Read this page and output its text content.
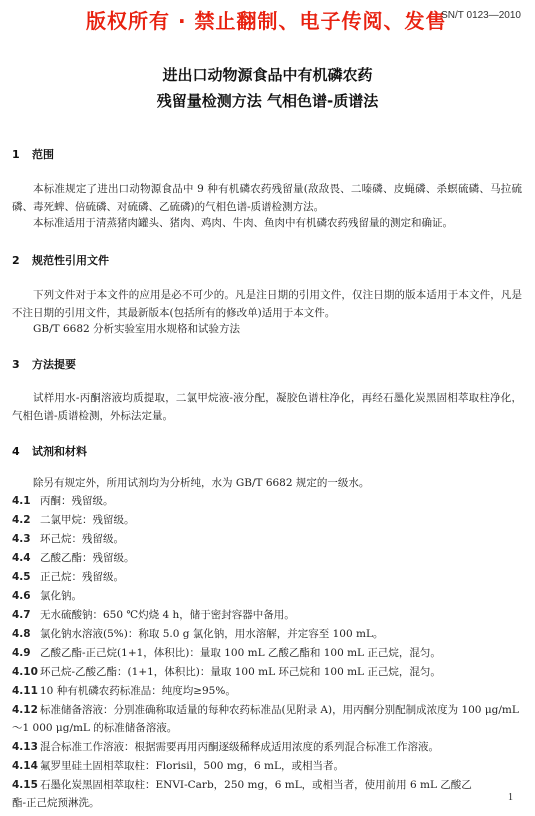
版权所有 · 禁止翻制、电子传阅、发售
SN/T 0123—2010
进出口动物源食品中有机磷农药
残留量检测方法 气相色谱-质谱法
1 范围
本标准规定了进出口动物源食品中 9 种有机磷农药残留量(敌敌畏、二嗪磷、皮蝇磷、杀螟硫磷、马拉硫磷、毒死蜱、倍硫磷、对硫磷、乙硫磷)的气相色谱-质谱检测方法。
本标准适用于清蒸猪肉罐头、猪肉、鸡肉、牛肉、鱼肉中有机磷农药残留量的测定和确证。
2 规范性引用文件
下列文件对于本文件的应用是必不可少的。凡是注日期的引用文件，仅注日期的版本适用于本文件，凡是不注日期的引用文件，其最新版本(包括所有的修改单)适用于本文件。
GB/T 6682 分析实验室用水规格和试验方法
3 方法提要
试样用水-丙酮溶液均质提取，二氯甲烷液-液分配，凝胶色谱柱净化，再经石墨化炭黑固相萃取柱净化，气相色谱-质谱检测，外标法定量。
4 试剂和材料
除另有规定外，所用试剂均为分析纯，水为 GB/T 6682 规定的一级水。
4.1 丙酮：残留级。
4.2 二氯甲烷：残留级。
4.3 环己烷：残留级。
4.4 乙酸乙酯：残留级。
4.5 正己烷：残留级。
4.6 氯化钠。
4.7 无水硫酸钠：650 ℃灼烧 4 h，储于密封容器中备用。
4.8 氯化钠水溶液(5%)：称取 5.0 g 氯化钠，用水溶解，并定容至 100 mL。
4.9 乙酸乙酯-正己烷(1+1，体积比)：量取 100 mL 乙酸乙酯和 100 mL 正己烷，混匀。
4.10 环己烷-乙酸乙酯：(1+1，体积比)：量取 100 mL 环己烷和 100 mL 正己烷，混匀。
4.11 10 种有机磷农药标准品：纯度均≥95%。
4.12 标准储备溶液：分别准确称取适量的每种农药标准品(见附录 A)，用丙酮分别配制成浓度为 100 μg/mL～1 000 μg/mL 的标准储备溶液。
4.13 混合标准工作溶液：根据需要再用丙酮逐级稀释成适用浓度的系列混合标准工作溶液。
4.14 氟罗里硅土固相萃取柱：Florisil，500 mg，6 mL，或相当者。
4.15 石墨化炭黑固相萃取柱：ENVI-Carb，250 mg，6 mL，或相当者，使用前用 6 mL 乙酸乙酯-正己烷预淋洗。	1
